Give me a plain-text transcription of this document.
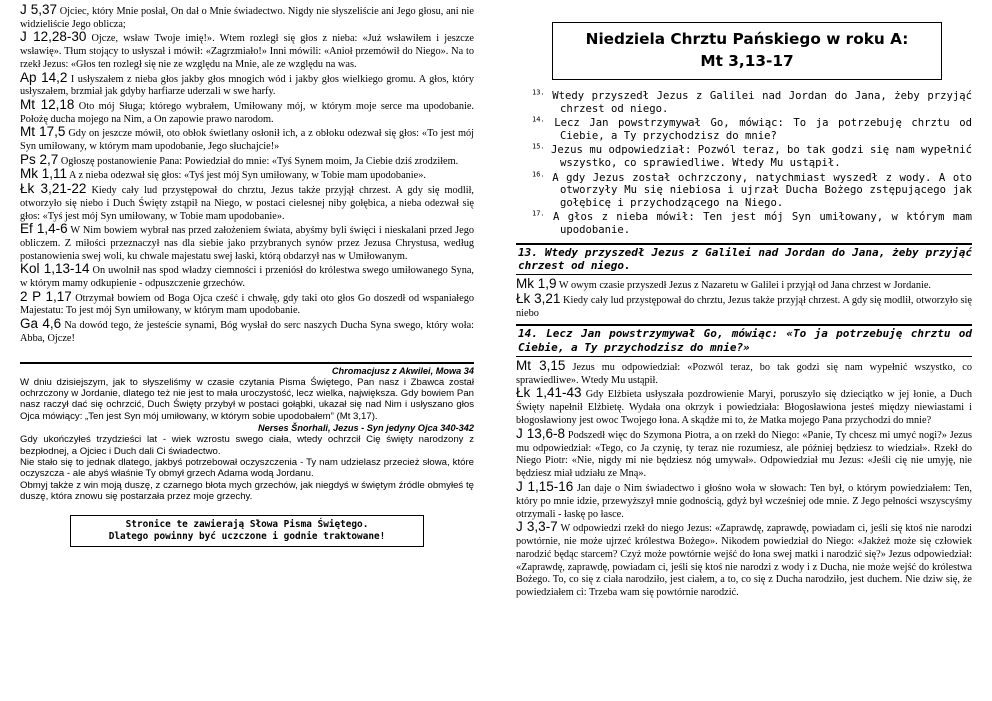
J 5,37 Ojciec, który Mnie posłał, On dał o Mnie świadectwo. Nigdy nie słyszeliście ani Jego głosu, ani nie widzieliście Jego oblicza;

J 12,28-30 Ojcze, wsław Twoje imię!». Wtem rozległ się głos z nieba: «Już wsławiłem i jeszcze wsławię». Tłum stojący to usłyszał i mówił: «Zagrzmiało!» Inni mówili: «Anioł przemówił do Niego». Na to rzekł Jezus: «Głos ten rozległ się nie ze względu na Mnie, ale ze względu na was.

Ap 14,2 I usłyszałem z nieba głos jakby głos mnogich wód i jakby głos wielkiego gromu. A głos, który usłyszałem, brzmiał jak gdyby harfiarze uderzali w swe harfy.

Mt 12,18 Oto mój Sługa; którego wybrałem, Umiłowany mój, w którym moje serce ma upodobanie. Położę ducha mojego na Nim, a On zapowie prawo narodom.

Mt 17,5 Gdy on jeszcze mówił, oto obłok świetlany osłonił ich, a z obłoku odezwał się głos: «To jest mój Syn umiłowany, w którym mam upodobanie, Jego słuchajcie!»

Ps 2,7 Ogłoszę postanowienie Pana: Powiedział do mnie: «Tyś Synem moim, Ja Ciebie dziś zrodziłem.

Mk 1,11 A z nieba odezwał się głos: «Tyś jest mój Syn umiłowany, w Tobie mam upodobanie».

Łk 3,21-22 Kiedy cały lud przystępował do chrztu, Jezus także przyjął chrzest. A gdy się modlił, otworzyło się niebo i Duch Święty zstąpił na Niego, w postaci cielesnej niby gołębica, a nieba odezwał się głos: «Tyś jest mój Syn umiłowany, w Tobie mam upodobanie».

Ef 1,4-6 W Nim bowiem wybrał nas przed założeniem świata, abyśmy byli święci i nieskalani przed Jego obliczem. Z miłości przeznaczył nas dla siebie jako przybranych synów przez Jezusa Chrystusa, według postanowienia swej woli, ku chwale majestatu swej łaski, którą obdarzył nas w Umiłowanym.

Kol 1,13-14 On uwolnił nas spod władzy ciemności i przeniósł do królestwa swego umiłowanego Syna, w którym mamy odkupienie - odpuszczenie grzechów.

2 P 1,17 Otrzymał bowiem od Boga Ojca cześć i chwałę, gdy taki oto głos Go doszedł od wspaniałego Majestatu: To jest mój Syn umiłowany, w którym mam upodobanie.

Ga 4,6 Na dowód tego, że jesteście synami, Bóg wysłał do serc naszych Ducha Syna swego, który woła: Abba, Ojcze!

Chromacjusz z Akwilei, Mowa 34

W dniu dzisiejszym, jak to słyszeliśmy w czasie czytania Pisma Świętego, Pan nasz i Zbawca został ochrzczony w Jordanie, dlatego też nie jest to mała uroczystość, lecz wielka, największa. Gdy bowiem Pan nasz raczył dać się ochrzcić, Duch Święty przybył w postaci gołąbki, ukazał się nad Nim i usłyszano głos Ojca mówiący: „Ten jest Syn mój umiłowany, w którym sobie upodobałem” (Mt 3,17).

Nerses Šnorhali, Jezus - Syn jedyny Ojca 340-342

Gdy ukończyłeś trzydzieści lat - wiek wzrostu swego ciała, wtedy ochrzcił Cię święty narodzony z bezpłodnej, a Ojciec i Duch dali Ci świadectwo.

Nie stało się to jednak dlatego, jakbyś potrzebował oczyszczenia - Ty nam udzielasz przecież słowa, które oczyszcza - ale abyś właśnie Ty obmył grzech Adama wodą Jordanu.

Obmyj także z win moją duszę, z czarnego błota mych grzechów, jak niegdyś w świętym źródle obmyłeś tę duszę, która znowu się postarzała przez moje grzechy.

Stronice te zawierają Słowa Pisma Świętego.
Dlatego powinny być uczczone i godnie traktowane!
Niedziela Chrztu Pańskiego w roku A:
Mt 3,13-17

$^{13.}$ Wtedy przyszedł Jezus z Galilei nad Jordan do Jana, żeby przyjąć chrzest od niego.

$^{14.}$ Lecz Jan powstrzymywał Go, mówiąc: To ja potrzebuję chrztu od Ciebie, a Ty przychodzisz do mnie?

$^{15.}$ Jezus mu odpowiedział: Pozwól teraz, bo tak godzi się nam wypełnić wszystko, co sprawiedliwe. Wtedy Mu ustąpił.

$^{16.}$ A gdy Jezus został ochrzczony, natychmiast wyszedł z wody. A oto otworzyły Mu się niebiosa i ujrzał Ducha Bożego zstępującego jak gołębicę i przychodzącego na Niego.

$^{17.}$ A głos z nieba mówił: Ten jest mój Syn umiłowany, w którym mam upodobanie.

13. Wtedy przyszedł Jezus z Galilei nad Jordan do Jana, żeby przyjąć chrzest od niego.

Mk 1,9 W owym czasie przyszedł Jezus z Nazaretu w Galilei i przyjął od Jana chrzest w Jordanie.

Łk 3,21 Kiedy cały lud przystępował do chrztu, Jezus także przyjął chrzest. A gdy się modlił, otworzyło się niebo

14. Lecz Jan powstrzymywał Go, mówiąc: «To ja potrzebuję chrztu od Ciebie, a Ty przychodzisz do mnie?»

Mt 3,15 Jezus mu odpowiedział: «Pozwól teraz, bo tak godzi się nam wypełnić wszystko, co sprawiedliwe». Wtedy Mu ustąpił.

Łk 1,41-43 Gdy Elżbieta usłyszała pozdrowienie Maryi, poruszyło się dzieciątko w jej łonie, a Duch Święty napełnił Elżbietę. Wydała ona okrzyk i powiedziała: Błogosławiona jesteś między niewiastami i błogosławiony jest owoc Twojego łona. A skądże mi to, że Matka mojego Pana przychodzi do mnie?

J 13,6-8 Podszedł więc do Szymona Piotra, a on rzekł do Niego: «Panie, Ty chcesz mi umyć nogi?» Jezus mu odpowiedział: «Tego, co Ja czynię, ty teraz nie rozumiesz, ale później będziesz to wiedział». Rzekł do Niego Piotr: «Nie, nigdy mi nie będziesz nóg umywał». Odpowiedział mu Jezus: «Jeśli cię nie umyję, nie będziesz miał udziału ze Mną».

J 1,15-16 Jan daje o Nim świadectwo i głośno woła w słowach: Ten był, o którym powiedziałem: Ten, który po mnie idzie, przewyższył mnie godnością, gdyż był wcześniej ode mnie. Z Jego pełności wszyscyśmy otrzymali - łaskę po łasce.

J 3,3-7 W odpowiedzi rzekł do niego Jezus: «Zaprawdę, zaprawdę, powiadam ci, jeśli się ktoś nie narodzi powtórnie, nie może ujrzeć królestwa Bożego». Nikodem powiedział do Niego: «Jakżeż może się człowiek narodzić będąc starcem? Czyż może powtórnie wejść do łona swej matki i narodzić się?» Jezus odpowiedział: «Zaprawdę, zaprawdę, powiadam ci, jeśli się ktoś nie narodzi z wody i z Ducha, nie może wejść do królestwa Bożego. To, co się z ciała narodziło, jest ciałem, a to, co się z Ducha narodziło, jest duchem. Nie dziw się, że powiedziałem ci: Trzeba wam się powtórnie narodzić.
